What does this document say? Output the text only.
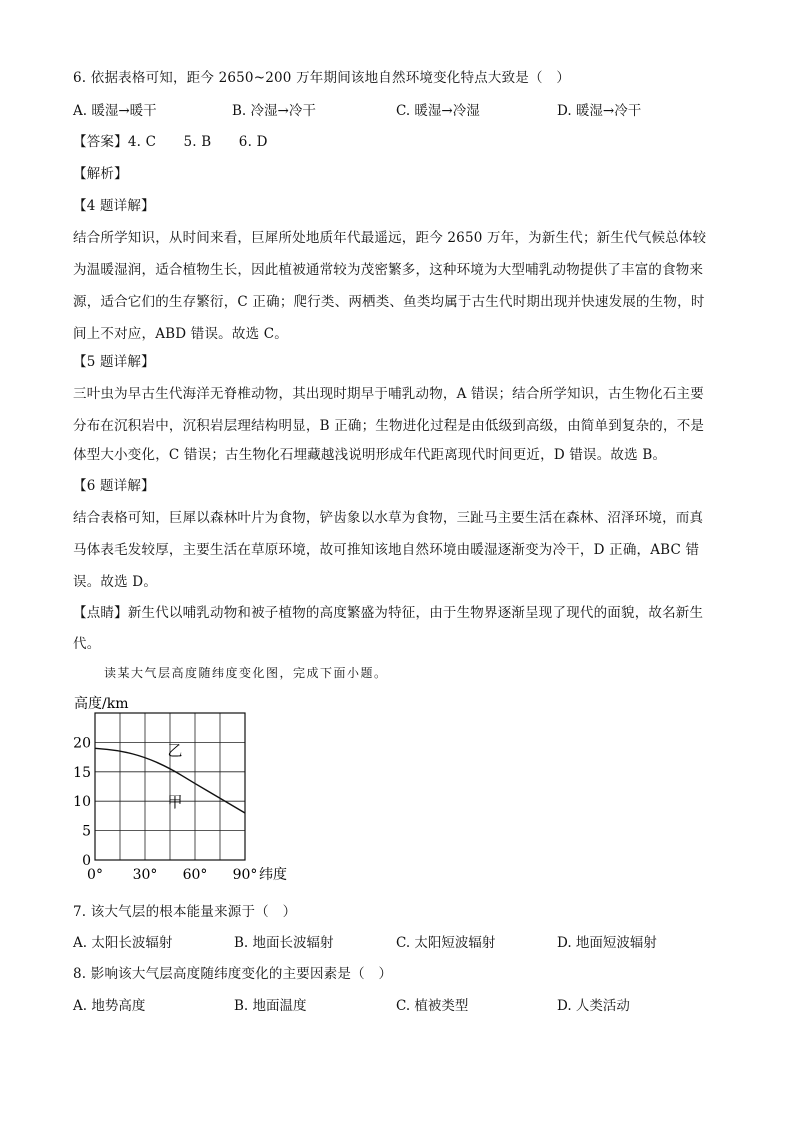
6. 依据表格可知，距今 2650~200 万年期间该地自然环境变化特点大致是（　）
A. 暖湿→暖干	B. 冷湿→冷干	C. 暖湿→冷湿	D. 暖湿→冷干
【答案】4. C　　5. B　　6. D
【解析】
【4 题详解】
结合所学知识，从时间来看，巨犀所处地质年代最遥远，距今 2650 万年，为新生代；新生代气候总体较
为温暖湿润，适合植物生长，因此植被通常较为茂密繁多，这种环境为大型哺乳动物提供了丰富的食物来
源，适合它们的生存繁衍，C 正确；爬行类、两栖类、鱼类均属于古生代时期出现并快速发展的生物，时
间上不对应，ABD 错误。故选 C。
【5 题详解】
三叶虫为早古生代海洋无脊椎动物，其出现时期早于哺乳动物，A 错误；结合所学知识，古生物化石主要
分布在沉积岩中，沉积岩层理结构明显，B 正确；生物进化过程是由低级到高级，由简单到复杂的，不是
体型大小变化，C 错误；古生物化石埋藏越浅说明形成年代距离现代时间更近，D 错误。故选 B。
【6 题详解】
结合表格可知，巨犀以森林叶片为食物，铲齿象以水草为食物，三趾马主要生活在森林、沼泽环境，而真
马体表毛发较厚，主要生活在草原环境，故可推知该地自然环境由暖湿逐渐变为冷干，D 正确，ABC 错
误。故选 D。
【点睛】新生代以哺乳动物和被子植物的高度繁盛为特征，由于生物界逐渐呈现了现代的面貌，故名新生
代。
读某大气层高度随纬度变化图，完成下面小题。
0
5
10
15
20
高度/km
0° 30° 60° 90° 纬度
乙
甲
7. 该大气层的根本能量来源于（　）
A. 太阳长波辐射	B. 地面长波辐射	C. 太阳短波辐射	D. 地面短波辐射
8. 影响该大气层高度随纬度变化的主要因素是（　）
A. 地势高度	B. 地面温度	C. 植被类型	D. 人类活动
